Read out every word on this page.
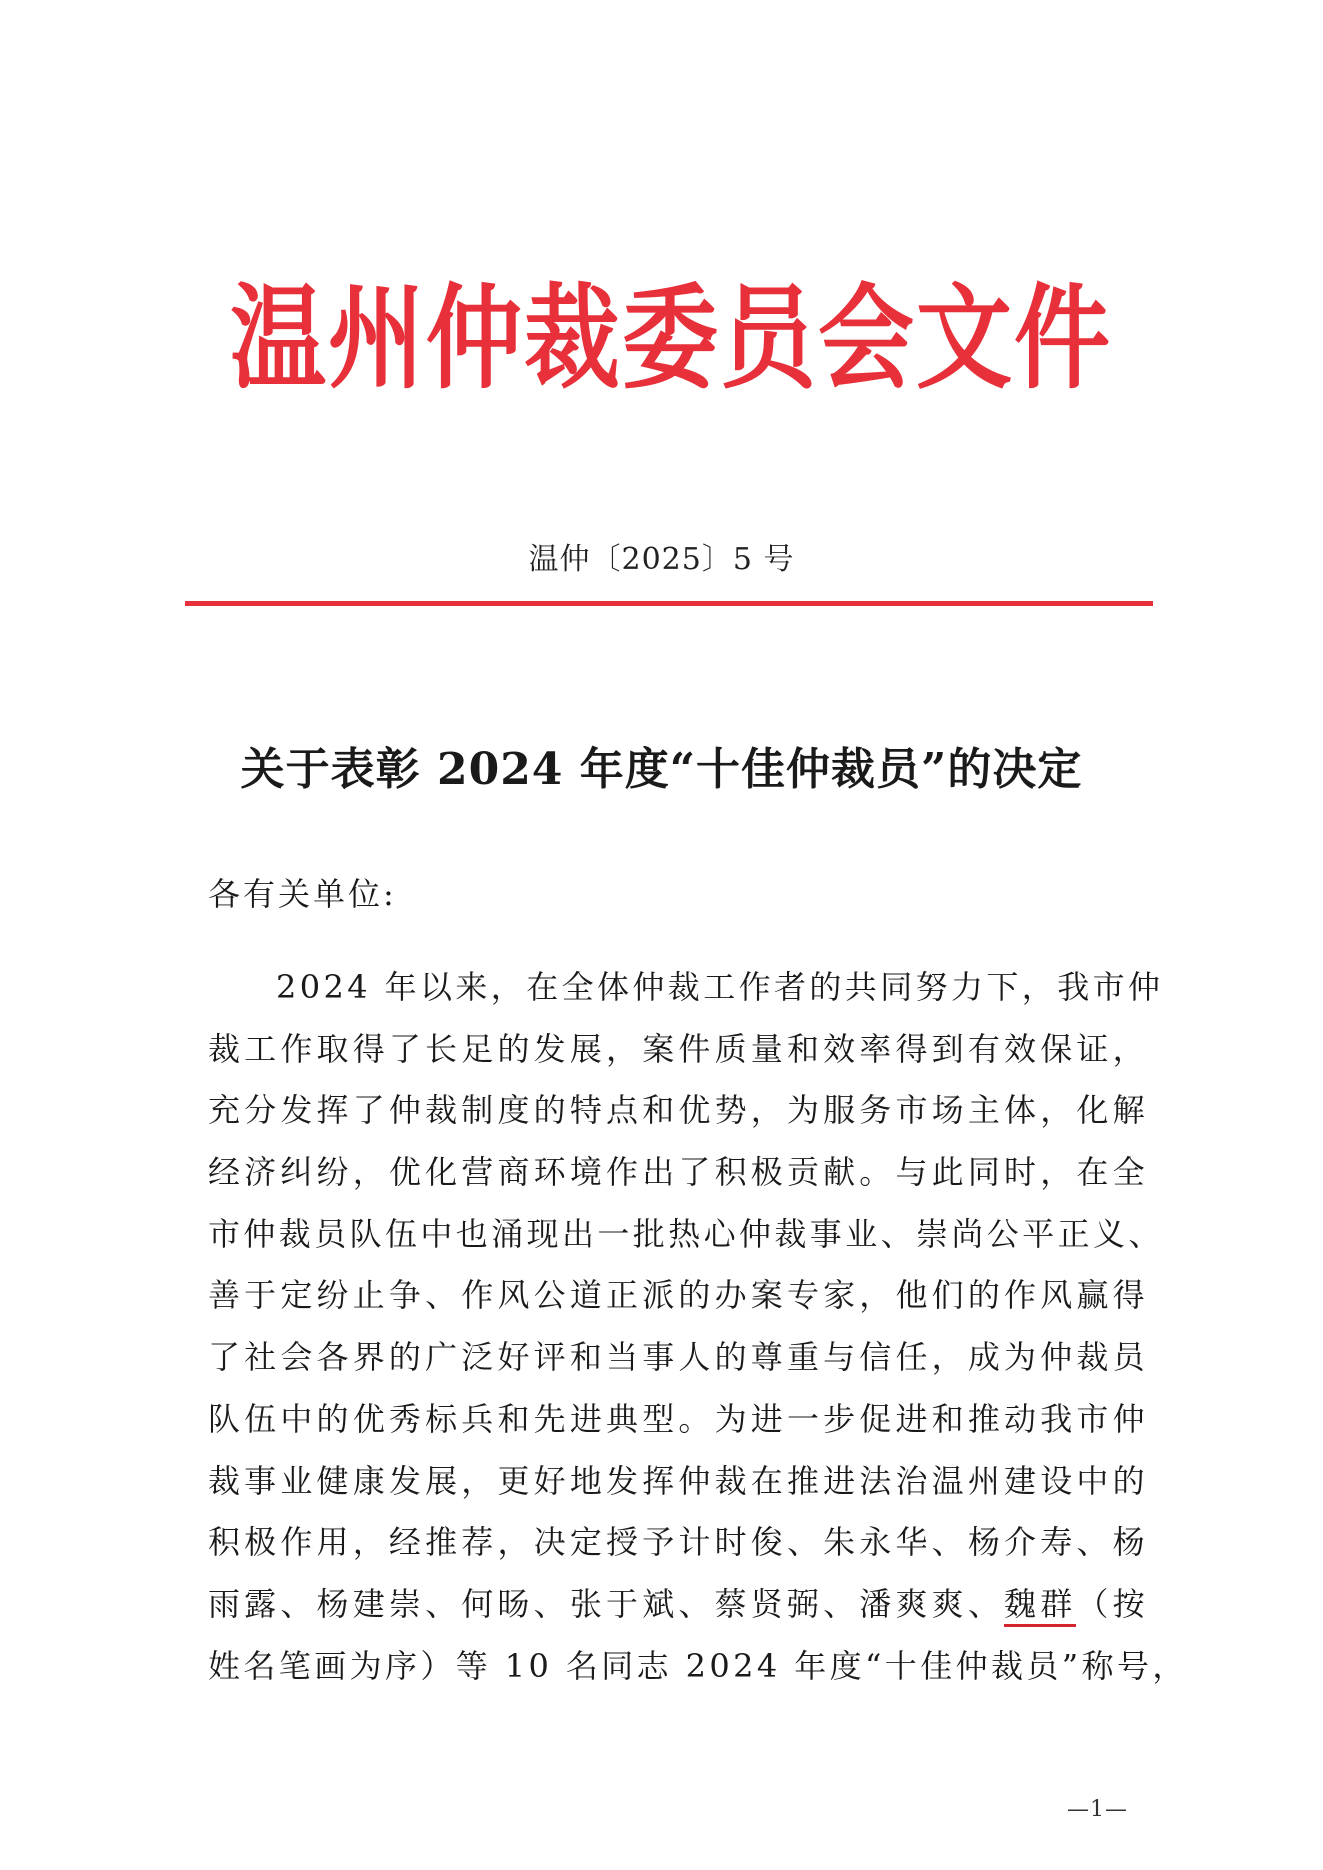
温州仲裁委员会文件
温仲〔2025〕5 号
关于表彰 2024 年度“十佳仲裁员”的决定
各有关单位:
2024 年以来，在全体仲裁工作者的共同努力下，我市仲
裁工作取得了长足的发展，案件质量和效率得到有效保证，
充分发挥了仲裁制度的特点和优势，为服务市场主体，化解
经济纠纷，优化营商环境作出了积极贡献。与此同时，在全
市仲裁员队伍中也涌现出一批热心仲裁事业、崇尚公平正义、
善于定纷止争、作风公道正派的办案专家，他们的作风赢得
了社会各界的广泛好评和当事人的尊重与信任，成为仲裁员
队伍中的优秀标兵和先进典型。为进一步促进和推动我市仲
裁事业健康发展，更好地发挥仲裁在推进法治温州建设中的
积极作用，经推荐，决定授予计时俊、朱永华、杨介寿、杨
雨露、杨建崇、何旸、张于斌、蔡贤弼、潘爽爽、魏群（按
姓名笔画为序）等 10 名同志 2024 年度“十佳仲裁员”称号，
—1—
